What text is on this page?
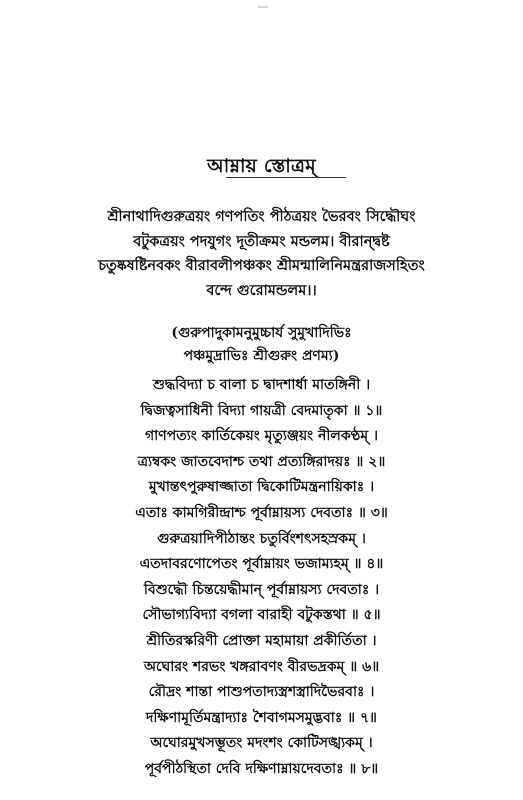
আম্নায় স্তোত্রম্
শ্রীনাথাদিগুরুত্রয়ং গণপতিং পীঠত্রয়ং ভৈরবং সিদ্ধৌঘং
বটুকত্রয়ং পদযুগং দূতীক্রমং মন্ডলম। বীরান্দ্বষ্ট
চতুষ্কষষ্টিনবকং বীরাবলীপঞ্চকং শ্রীমন্মালিনিমন্ত্ররাজসহিতং
বন্দে গুরোমন্ডলম।।
(গুরুপাদুকামনুমুচ্চার্য সুমুখাদিভিঃ
পঞ্চমুদ্রাভিঃ শ্রীগুরুং প্রণম্য)
শুদ্ধবিদ্যা চ বালা চ দ্বাদশার্ধা মাতঙ্গিনী ।
দ্বিজত্বসাধিনী বিদ্যা গায়ত্রী বেদমাতৃকা ॥ ১॥
গাণপত্যং কার্তিকেয়ং মৃত্যুঞ্জয়ং নীলকণ্ঠম্ ।
ত্র্যম্বকং জাতবেদাশ্চ তথা প্রত্যঙ্গিরাদয়ঃ ॥ ২॥
মুখান্তৎপুরুষাজ্জাতা দ্বিকোটিমন্ত্রনায়িকাঃ ।
এতাঃ কামগিরীন্দ্রাশ্চ পূর্বাম্নায়স্য দেবতাঃ ॥ ৩॥
গুরুত্রয়াদিপীঠান্তং চতুর্বিংশৎসহস্রকম্ ।
এতদাবরণোপেতং পূর্বাম্নায়ং ভজাম্যহম্ ॥ ৪॥
বিশুদ্ধৌ চিন্তয়েদ্ধীমান্ পূর্বাম্নায়স্য দেবতাঃ ।
সৌভাগ্যবিদ্যা বগলা বারাহী বটুকস্তথা ॥ ৫॥
শ্রীতিরস্করিণী প্রোক্তা মহামায়া প্রকীর্তিতা ।
অঘোরং শরভং খঙ্গরাবণং বীরভদ্রকম্ ॥ ৬॥
রৌদ্রং শান্তা পাশুপতাদ্যস্ত্রশস্ত্রাদিভৈরবাঃ ।
দক্ষিণামূর্তিমন্ত্রাদ্যাঃ শৈবাগমসমুদ্ভবাঃ ॥ ৭॥
অঘোরমুখসম্ভূতং মদংশং কোটিসঙ্খ্যকম্ ।
পূর্বপীঠস্থিতা দেবি দক্ষিণাম্নায়দেবতাঃ ॥ ৮॥
